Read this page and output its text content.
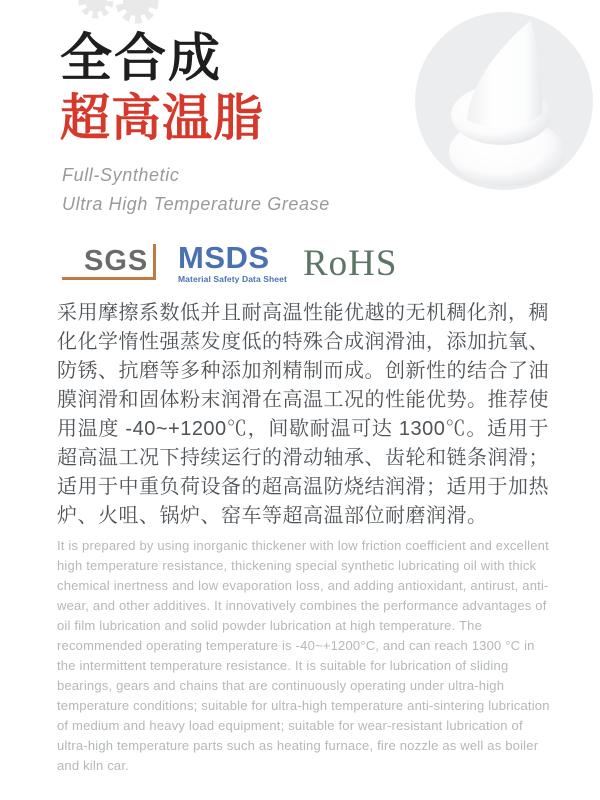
全合成
超高温脂
Full-Synthetic
Ultra High Temperature Grease
SGS MSDS
Material Safety Data Sheet RoHS
采用摩擦系数低并且耐高温性能优越的无机稠化剂，稠化化学惰性强蒸发度低的特殊合成润滑油，添加抗氧、防锈、抗磨等多种添加剂精制而成。创新性的结合了油膜润滑和固体粉末润滑在高温工况的性能优势。推荐使用温度 -40~+1200℃，间歇耐温可达 1300℃。适用于超高温工况下持续运行的滑动轴承、齿轮和链条润滑；适用于中重负荷设备的超高温防烧结润滑；适用于加热炉、火咀、锅炉、窑车等超高温部位耐磨润滑。
It is prepared by using inorganic thickener with low friction coefficient and excellent high temperature resistance, thickening special synthetic lubricating oil with thick chemical inertness and low evaporation loss, and adding antioxidant, antirust, anti-wear, and other additives. It innovatively combines the performance advantages of oil film lubrication and solid powder lubrication at high temperature. The recommended operating temperature is -40~+1200°C, and can reach 1300 °C in the intermittent temperature resistance. It is suitable for lubrication of sliding bearings, gears and chains that are continuously operating under ultra-high temperature conditions; suitable for ultra-high temperature anti-sintering lubrication of medium and heavy load equipment; suitable for wear-resistant lubrication of ultra-high temperature parts such as heating furnace, fire nozzle as well as boiler and kiln car.
